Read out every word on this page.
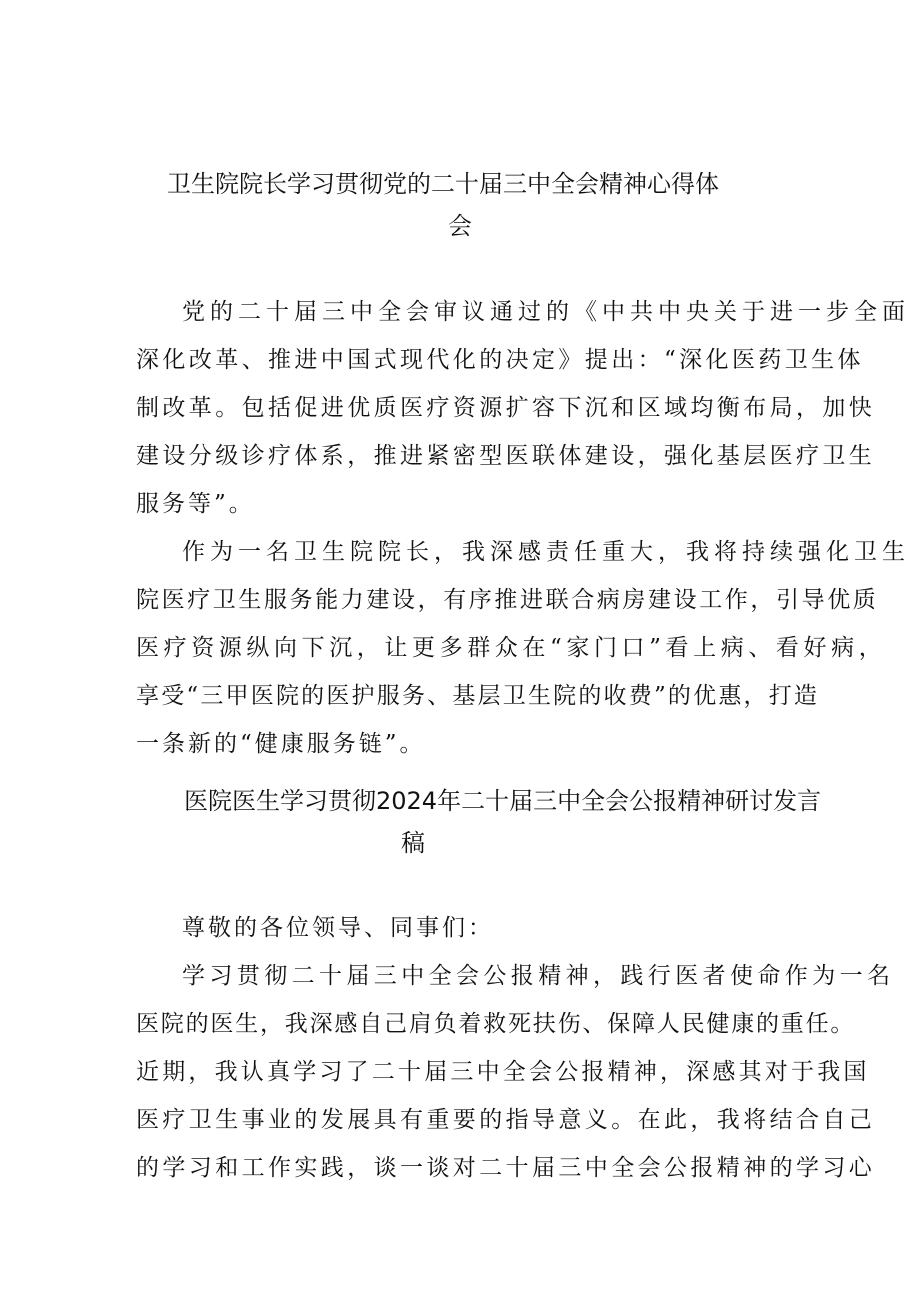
卫生院院长学习贯彻党的二十届三中全会精神心得体
会
党的二十届三中全会审议通过的《中共中央关于进一步全面
深化改革、推进中国式现代化的决定》提出：“深化医药卫生体
制改革。包括促进优质医疗资源扩容下沉和区域均衡布局，加快
建设分级诊疗体系，推进紧密型医联体建设，强化基层医疗卫生
服务等”。
作为一名卫生院院长，我深感责任重大，我将持续强化卫生
院医疗卫生服务能力建设，有序推进联合病房建设工作，引导优质
医疗资源纵向下沉，让更多群众在“家门口”看上病、看好病，
享受“三甲医院的医护服务、基层卫生院的收费”的优惠，打造
一条新的“健康服务链”。
医院医生学习贯彻2024年二十届三中全会公报精神研讨发言
稿
尊敬的各位领导、同事们：
学习贯彻二十届三中全会公报精神，践行医者使命作为一名
医院的医生，我深感自己肩负着救死扶伤、保障人民健康的重任。
近期，我认真学习了二十届三中全会公报精神，深感其对于我国
医疗卫生事业的发展具有重要的指导意义。在此，我将结合自己
的学习和工作实践，谈一谈对二十届三中全会公报精神的学习心
